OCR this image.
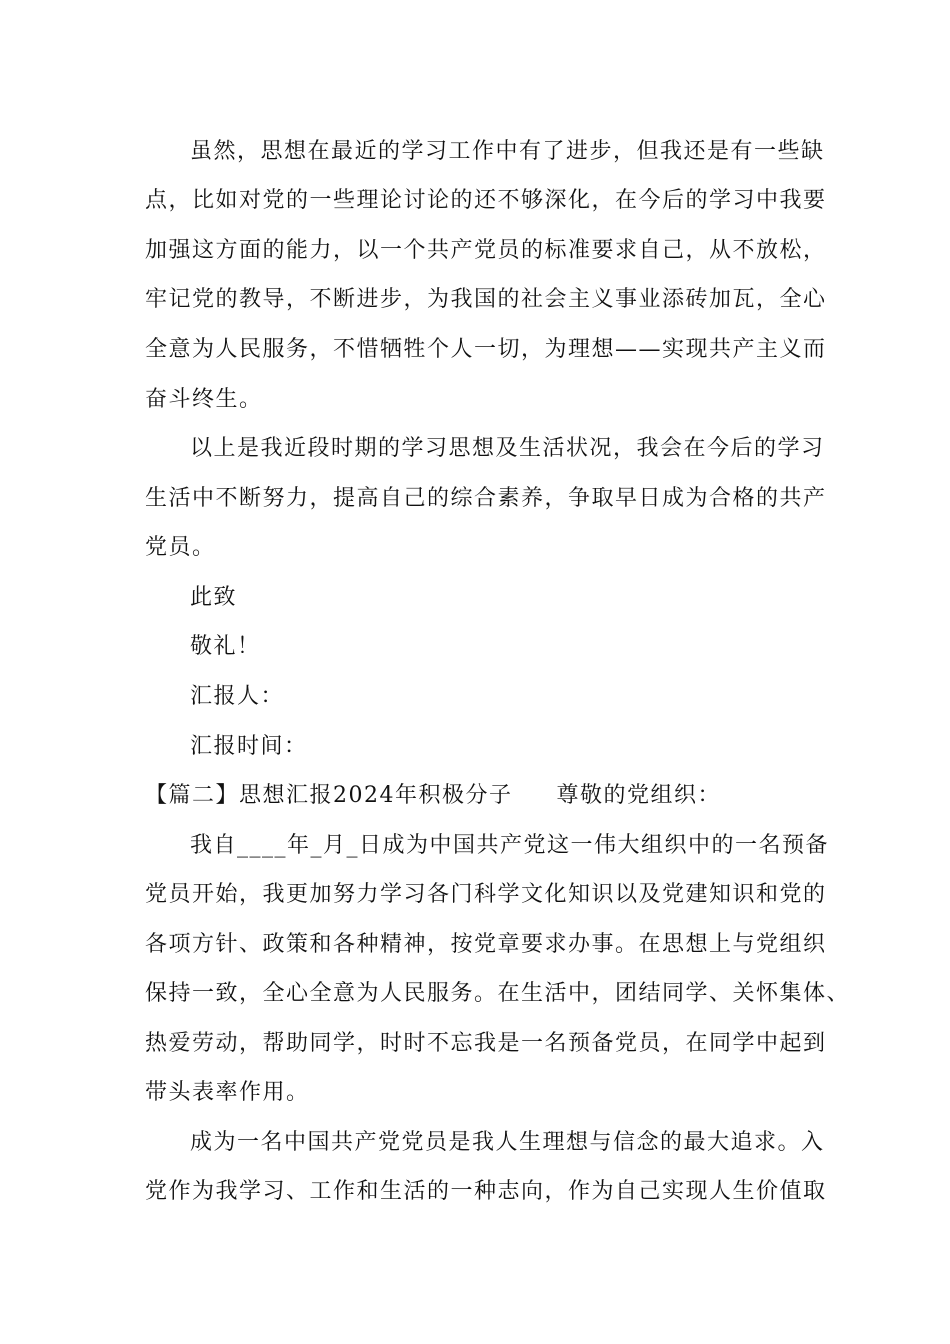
虽然，思想在最近的学习工作中有了进步，但我还是有一些缺
点，比如对党的一些理论讨论的还不够深化，在今后的学习中我要
加强这方面的能力，以一个共产党员的标准要求自己，从不放松，
牢记党的教导，不断进步，为我国的社会主义事业添砖加瓦，全心
全意为人民服务，不惜牺牲个人一切，为理想——实现共产主义而
奋斗终生。
以上是我近段时期的学习思想及生活状况，我会在今后的学习
生活中不断努力，提高自己的综合素养，争取早日成为合格的共产
党员。
此致
敬礼！
汇报人：
汇报时间：
【篇二】思想汇报2024年积极分子 尊敬的党组织：
我自____年_月_日成为中国共产党这一伟大组织中的一名预备
党员开始，我更加努力学习各门科学文化知识以及党建知识和党的
各项方针、政策和各种精神，按党章要求办事。在思想上与党组织
保持一致，全心全意为人民服务。在生活中，团结同学、关怀集体、
热爱劳动，帮助同学，时时不忘我是一名预备党员，在同学中起到
带头表率作用。
成为一名中国共产党党员是我人生理想与信念的最大追求。入
党作为我学习、工作和生活的一种志向，作为自己实现人生价值取
